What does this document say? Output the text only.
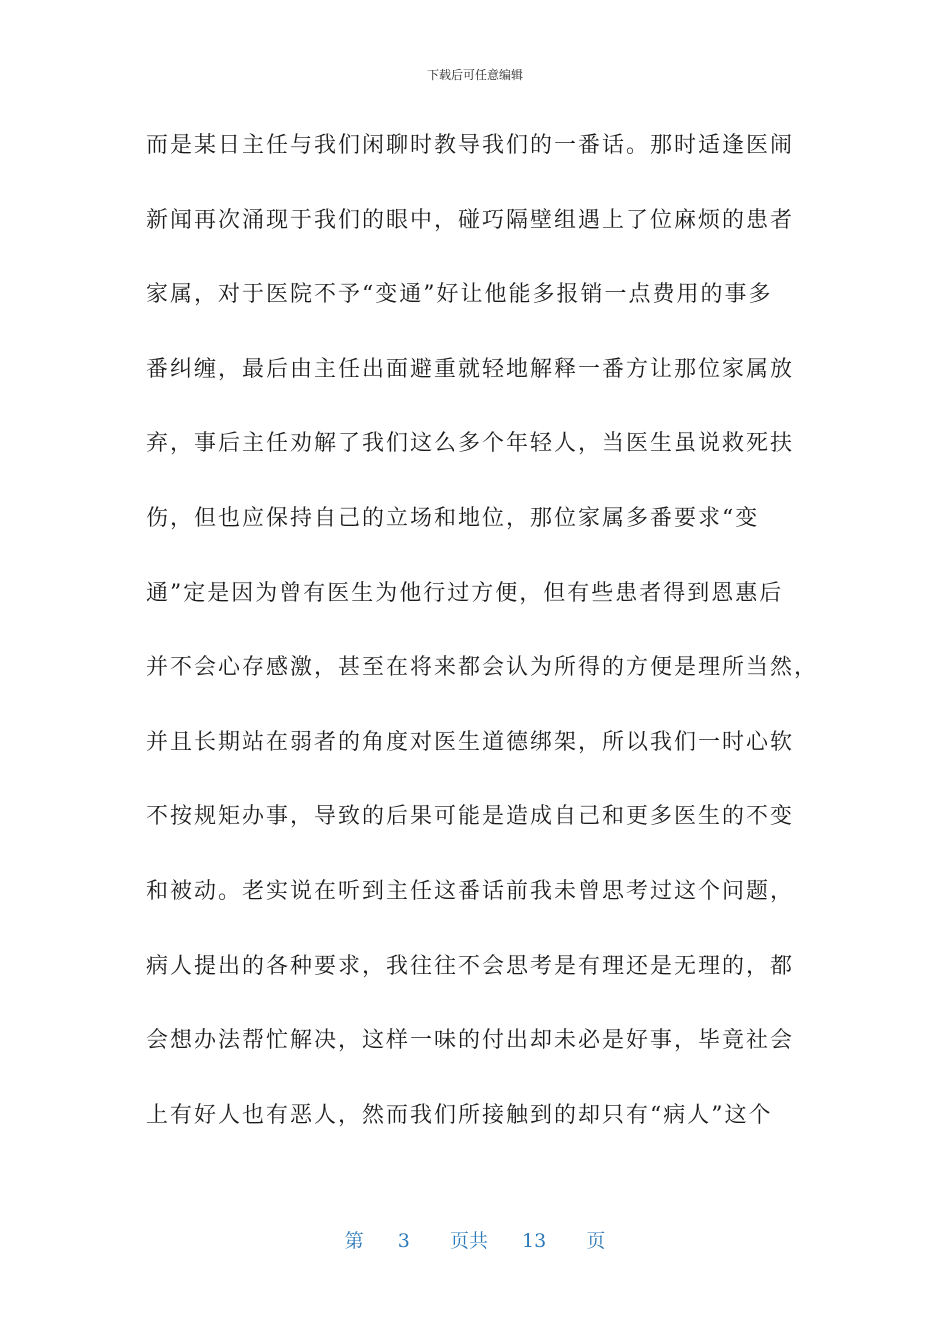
下载后可任意编辑
而是某日主任与我们闲聊时教导我们的一番话。那时适逢医闹
新闻再次涌现于我们的眼中，碰巧隔壁组遇上了位麻烦的患者
家属，对于医院不予“变通”好让他能多报销一点费用的事多
番纠缠，最后由主任出面避重就轻地解释一番方让那位家属放
弃，事后主任劝解了我们这么多个年轻人，当医生虽说救死扶
伤，但也应保持自己的立场和地位，那位家属多番要求“变
通”定是因为曾有医生为他行过方便，但有些患者得到恩惠后
并不会心存感激，甚至在将来都会认为所得的方便是理所当然，
并且长期站在弱者的角度对医生道德绑架，所以我们一时心软
不按规矩办事，导致的后果可能是造成自己和更多医生的不变
和被动。老实说在听到主任这番话前我未曾思考过这个问题，
病人提出的各种要求，我往往不会思考是有理还是无理的，都
会想办法帮忙解决，这样一味的付出却未必是好事，毕竟社会
上有好人也有恶人，然而我们所接触到的却只有“病人”这个
第 3 页共 13 页
